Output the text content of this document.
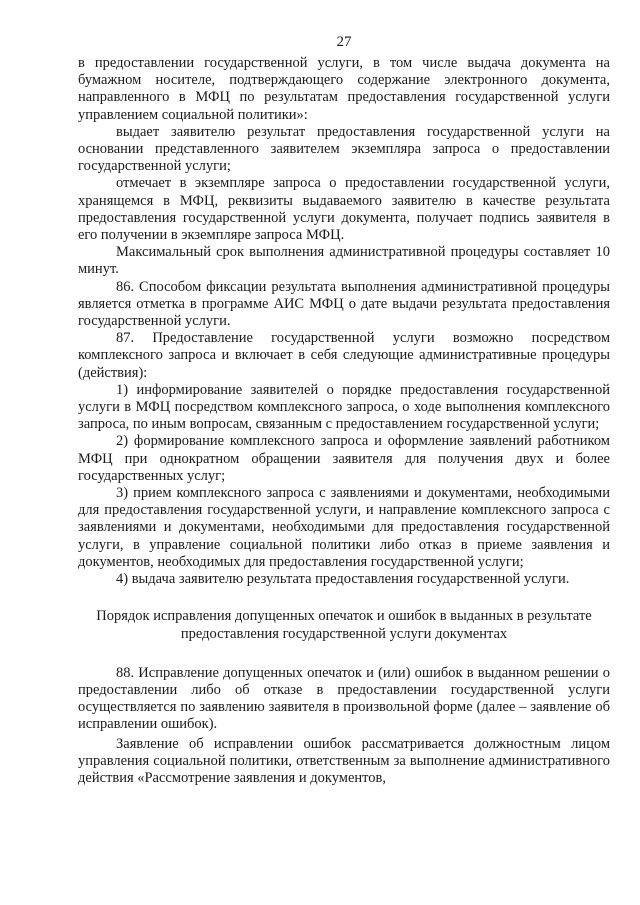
27

в предоставлении государственной услуги, в том числе выдача документа на бумажном носителе, подтверждающего содержание электронного документа, направленного в МФЦ по результатам предоставления государственной услуги управлением социальной политики»:

выдает заявителю результат предоставления государственной услуги на основании представленного заявителем экземпляра запроса о предоставлении государственной услуги;

отмечает в экземпляре запроса о предоставлении государственной услуги, хранящемся в МФЦ, реквизиты выдаваемого заявителю в качестве результата предоставления государственной услуги документа, получает подпись заявителя в его получении в экземпляре запроса МФЦ.

Максимальный срок выполнения административной процедуры составляет 10 минут.

86. Способом фиксации результата выполнения административной процедуры является отметка в программе АИС МФЦ о дате выдачи результата предоставления государственной услуги.

87. Предоставление государственной услуги возможно посредством комплексного запроса и включает в себя следующие административные процедуры (действия):

1) информирование заявителей о порядке предоставления государственной услуги в МФЦ посредством комплексного запроса, о ходе выполнения комплексного запроса, по иным вопросам, связанным с предоставлением государственной услуги;

2) формирование комплексного запроса и оформление заявлений работником МФЦ при однократном обращении заявителя для получения двух и более государственных услуг;

3) прием комплексного запроса с заявлениями и документами, необходимыми для предоставления государственной услуги, и направление комплексного запроса с заявлениями и документами, необходимыми для предоставления государственной услуги, в управление социальной политики либо отказ в приеме заявления и документов, необходимых для предоставления государственной услуги;

4) выдача заявителю результата предоставления государственной услуги.

Порядок исправления допущенных опечаток и ошибок в выданных в результате предоставления государственной услуги документах

88. Исправление допущенных опечаток и (или) ошибок в выданном решении о предоставлении либо об отказе в предоставлении государственной услуги осуществляется по заявлению заявителя в произвольной форме (далее – заявление об исправлении ошибок).

Заявление об исправлении ошибок рассматривается должностным лицом управления социальной политики, ответственным за выполнение административного действия «Рассмотрение заявления и документов,
